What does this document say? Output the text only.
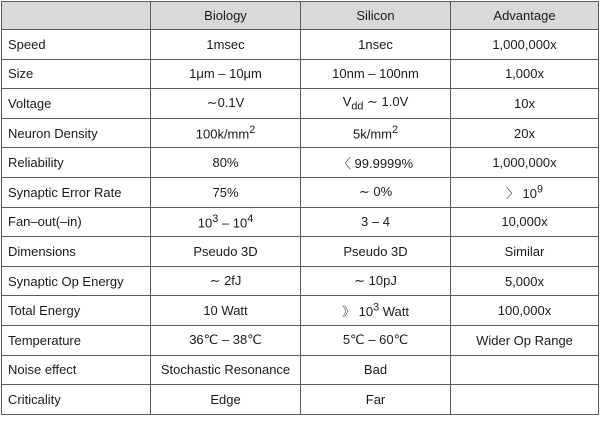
	Biology	Silicon	Advantage
Speed	1msec	1nsec	1,000,000x
Size	1μm – 10μm	10nm – 100nm	1,000x
Voltage	∼0.1V	$V_{dd}$ ∼ 1.0V	10x
Neuron Density	$100k/mm^2$	$5k/mm^2$	20x
Reliability	80%	〈 99.9999%	1,000,000x
Synaptic Error Rate	75%	∼ 0%	〉 $10^9$
Fan–out(–in)	$10^3 - 10^4$	3 – 4	10,000x
Dimensions	Pseudo 3D	Pseudo 3D	Similar
Synaptic Op Energy	∼ 2fJ	∼ 10pJ	5,000x
Total Energy	10 Watt	》 $10^3$ Watt	100,000x
Temperature	36℃ – 38℃	5℃ – 60℃	Wider Op Range
Noise effect	Stochastic Resonance	Bad	
Criticality	Edge	Far	
